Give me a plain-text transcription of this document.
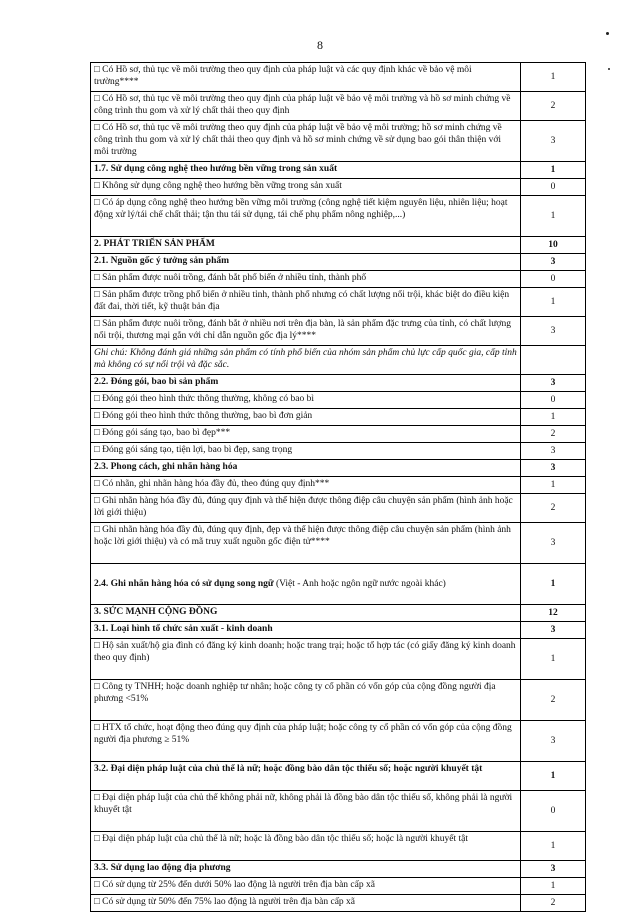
8
□ Có Hồ sơ, thủ tục về môi trường theo quy định của pháp luật và các quy định khác về bảo vệ môi trường****	1
□ Có Hồ sơ, thủ tục về môi trường theo quy định của pháp luật về bảo vệ môi trường và hồ sơ minh chứng về công trình thu gom và xử lý chất thải theo quy định	2
□ Có Hồ sơ, thủ tục về môi trường theo quy định của pháp luật về bảo vệ môi trường; hồ sơ minh chứng về công trình thu gom và xử lý chất thải theo quy định và hồ sơ minh chứng về sử dụng bao gói thân thiện với môi trường	3
1.7. Sử dụng công nghệ theo hướng bền vững trong sản xuất	1
□ Không sử dụng công nghệ theo hướng bền vững trong sản xuất	0
□ Có áp dụng công nghệ theo hướng bền vững môi trường (công nghệ tiết kiệm nguyên liệu, nhiên liệu; hoạt động xử lý/tái chế chất thải; tận thu tái sử dụng, tái chế phụ phẩm nông nghiệp,...)	1
2. PHÁT TRIỂN SẢN PHẨM	10
2.1. Nguồn gốc ý tưởng sản phẩm	3
□ Sản phẩm được nuôi trồng, đánh bắt phổ biến ở nhiều tỉnh, thành phố	0
□ Sản phẩm được trồng phổ biến ở nhiều tỉnh, thành phố nhưng có chất lượng nổi trội, khác biệt do điều kiện đất đai, thời tiết, kỹ thuật bản địa	1
□ Sản phẩm được nuôi trồng, đánh bắt ở nhiều nơi trên địa bàn, là sản phẩm đặc trưng của tỉnh, có chất lượng nổi trội, thương mại gắn với chỉ dẫn nguồn gốc địa lý****	3
Ghi chú: Không đánh giá những sản phẩm có tính phổ biến của nhóm sản phẩm chủ lực cấp quốc gia, cấp tỉnh mà không có sự nổi trội và đặc sắc.	
2.2. Đóng gói, bao bì sản phẩm	3
□ Đóng gói theo hình thức thông thường, không có bao bì	0
□ Đóng gói theo hình thức thông thường, bao bì đơn giản	1
□ Đóng gói sáng tạo, bao bì đẹp***	2
□ Đóng gói sáng tạo, tiện lợi, bao bì đẹp, sang trọng	3
2.3. Phong cách, ghi nhãn hàng hóa	3
□ Có nhãn, ghi nhãn hàng hóa đầy đủ, theo đúng quy định***	1
□ Ghi nhãn hàng hóa đầy đủ, đúng quy định và thể hiện được thông điệp câu chuyện sản phẩm (hình ảnh hoặc lời giới thiệu)	2
□ Ghi nhãn hàng hóa đầy đủ, đúng quy định, đẹp và thể hiện được thông điệp câu chuyện sản phẩm (hình ảnh hoặc lời giới thiệu) và có mã truy xuất nguồn gốc điện tử****	3
2.4. Ghi nhãn hàng hóa có sử dụng song ngữ (Việt - Anh hoặc ngôn ngữ nước ngoài khác)	1
3. SỨC MẠNH CỘNG ĐỒNG	12
3.1. Loại hình tổ chức sản xuất - kinh doanh	3
□ Hộ sản xuất/hộ gia đình có đăng ký kinh doanh; hoặc trang trại; hoặc tổ hợp tác (có giấy đăng ký kinh doanh theo quy định)	1
□ Công ty TNHH; hoặc doanh nghiệp tư nhân; hoặc công ty cổ phần có vốn góp của cộng đồng người địa phương <51%	2
□ HTX tổ chức, hoạt động theo đúng quy định của pháp luật; hoặc công ty cổ phần có vốn góp của cộng đồng người địa phương ≥ 51%	3
3.2. Đại diện pháp luật của chủ thể là nữ; hoặc đồng bào dân tộc thiểu số; hoặc người khuyết tật	1
□ Đại diện pháp luật của chủ thể không phải nữ, không phải là đồng bào dân tộc thiểu số, không phải là người khuyết tật	0
□ Đại diện pháp luật của chủ thể là nữ; hoặc là đồng bào dân tộc thiểu số; hoặc là người khuyết tật	1
3.3. Sử dụng lao động địa phương	3
□ Có sử dụng từ 25% đến dưới 50% lao động là người trên địa bàn cấp xã	1
□ Có sử dụng từ 50% đến 75% lao động là người trên địa bàn cấp xã	2
